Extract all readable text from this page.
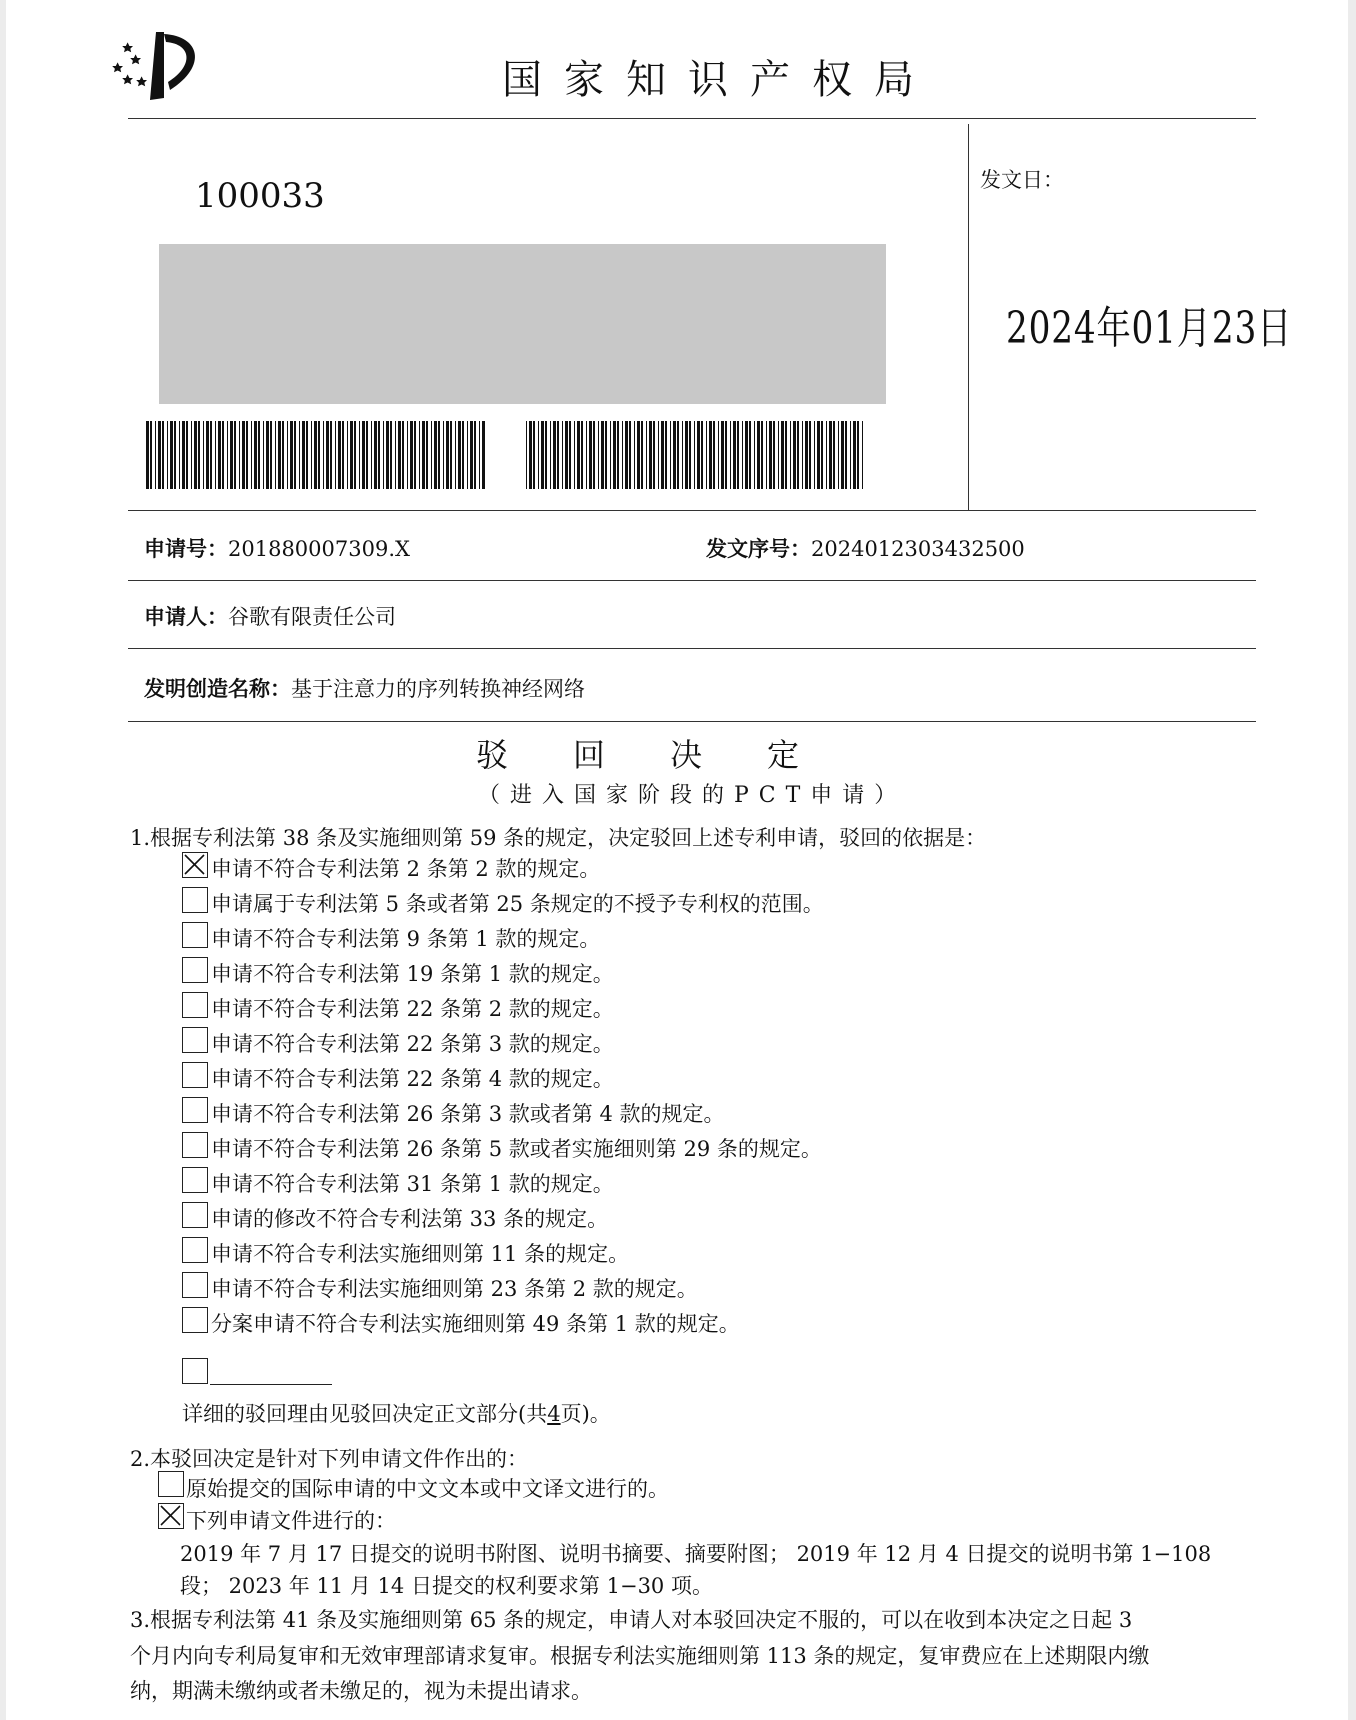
国家知识产权局
100033	发文日：
2024年01月23日
申请号：201880007309.X	发文序号：2024012303432500
申请人：谷歌有限责任公司
发明创造名称：基于注意力的序列转换神经网络
驳回决定
（进入国家阶段的PCT申请）
1.根据专利法第 38 条及实施细则第 59 条的规定，决定驳回上述专利申请，驳回的依据是：
申请不符合专利法第 2 条第 2 款的规定。
申请属于专利法第 5 条或者第 25 条规定的不授予专利权的范围。
申请不符合专利法第 9 条第 1 款的规定。
申请不符合专利法第 19 条第 1 款的规定。
申请不符合专利法第 22 条第 2 款的规定。
申请不符合专利法第 22 条第 3 款的规定。
申请不符合专利法第 22 条第 4 款的规定。
申请不符合专利法第 26 条第 3 款或者第 4 款的规定。
申请不符合专利法第 26 条第 5 款或者实施细则第 29 条的规定。
申请不符合专利法第 31 条第 1 款的规定。
申请的修改不符合专利法第 33 条的规定。
申请不符合专利法实施细则第 11 条的规定。
申请不符合专利法实施细则第 23 条第 2 款的规定。
分案申请不符合专利法实施细则第 49 条第 1 款的规定。
详细的驳回理由见驳回决定正文部分(共4页)。
2.本驳回决定是针对下列申请文件作出的：
原始提交的国际申请的中文文本或中文译文进行的。
下列申请文件进行的：
2019 年 7 月 17 日提交的说明书附图、说明书摘要、摘要附图； 2019 年 12 月 4 日提交的说明书第 1−108
段； 2023 年 11 月 14 日提交的权利要求第 1−30 项。
3.根据专利法第 41 条及实施细则第 65 条的规定，申请人对本驳回决定不服的，可以在收到本决定之日起 3
个月内向专利局复审和无效审理部请求复审。根据专利法实施细则第 113 条的规定，复审费应在上述期限内缴
纳，期满未缴纳或者未缴足的，视为未提出请求。
